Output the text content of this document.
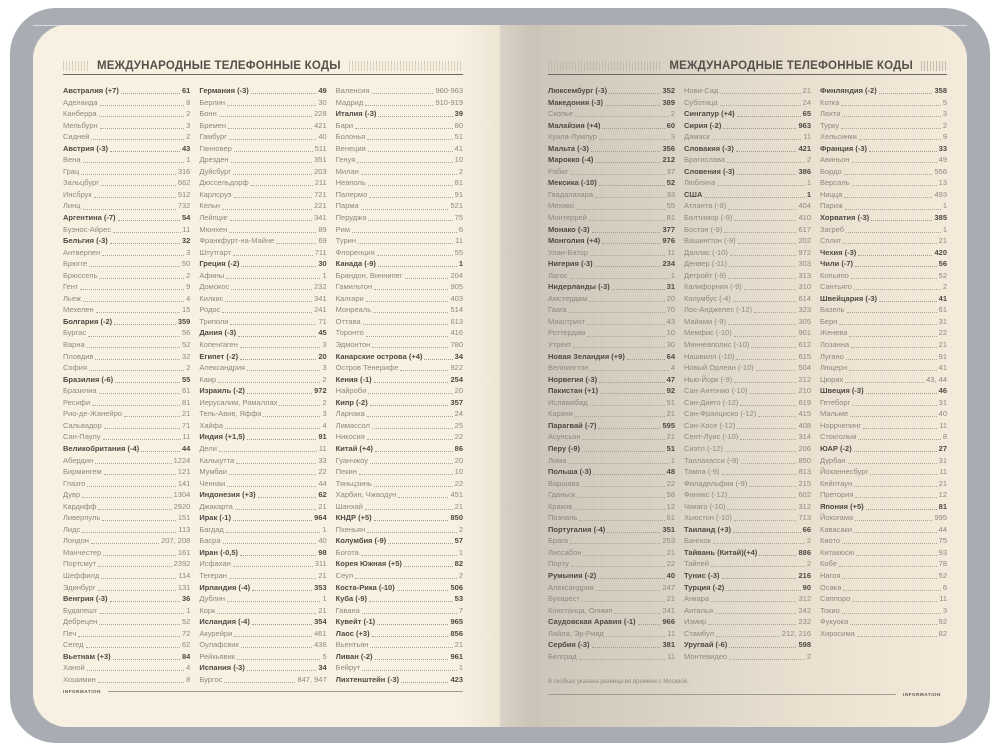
МЕЖДУНАРОДНЫЕ ТЕЛЕФОННЫЕ КОДЫ
Австралия (+7)	61
Аделаида	8
Канберра	2
Мельбурн	3
Сидней	2
Австрия (-3)	43
Вена	1
Грац	316
Зальцбург	662
Инсбрук	512
Линц	732
Аргентина (-7)	54
Буэнос-Айрес	11
Бельгия (-3)	32
Антверпен	3
Брюгге	50
Брюссель	2
Гент	9
Льеж	4
Мехелен	15
Болгария (-2)	359
Бургас	56
Варна	52
Пловдив	32
София	2
Бразилия (-6)	55
Бразилиа	61
Ресифи	81
Рио-де-Жанейро	21
Сальвадор	71
Сан-Паулу	11
Великобритания (-4)	44
Абердин	1224
Бирмингем	121
Глазго	141
Дувр	1304
Кардифф	2920
Ливерпуль	151
Лидс	113
Лондон	207, 208
Манчестер	161
Портсмут	2392
Шеффилд	114
Эдинбург	131
Венгрия (-3)	36
Будапешт	1
Дебрецен	52
Печ	72
Сегед	62
Вьетнам (+3)	84
Ханой	4
Хошимин	8
Германия (-3)	49
Берлин	30
Бонн	228
Бремен	421
Гамбург	40
Ганновер	511
Дрезден	351
Дуйсбург	203
Дюссельдорф	211
Карлсруэ	721
Кельн	221
Лейпциг	341
Мюнхен	89
Франкфурт-на-Майне	69
Штутгарт	711
Греция (-2)	30
Афины	1
Домокос	232
Килкис	341
Родос	241
Триполи	71
Дания (-3)	45
Копенгаген	3
Египет (-2)	20
Александрия	3
Каир	2
Израиль (-2)	972
Иерусалим, Рамаллах	2
Тель-Авив, Яффа	3
Хайфа	4
Индия (+1,5)	91
Дели	11
Калькутта	33
Мумбаи	22
Ченнаи	44
Индонезия (+3)	62
Джакарта	21
Ирак (-1)	964
Багдад	1
Басра	40
Иран (-0,5)	98
Исфахан	311
Тегеран	21
Ирландия (-4)	353
Дублин	1
Корк	21
Исландия (-4)	354
Акурейри	461
Оулафсвик	436
Рейкьявик	5
Испания (-3)	34
Бургос	847, 947
Валенсия	960-963
Мадрид	910-919
Италия (-3)	39
Бари	80
Болонья	51
Венеция	41
Генуя	10
Милан	2
Неаполь	81
Палермо	91
Парма	521
Перуджа	75
Рим	6
Турин	11
Флоренция	55
Канада (-9)	1
Брандон, Виннипег	204
Гамильтон	905
Калгари	403
Монреаль	514
Оттава	613
Торонто	416
Эдмонтон	780
Канарские острова (+4)	34
Остров Тенерифе	922
Кения (-1)	254
Найроби	20
Кипр (-2)	357
Ларнака	24
Лимассол	25
Никосия	22
Китай (+4)	86
Гуанчжоу	20
Пекин	10
Тяньцзинь	22
Харбин, Чжаодун	451
Шанхай	21
КНДР (+5)	850
Пхеньян	2
Колумбия (-9)	57
Богота	1
Корея Южная (+5)	82
Сеул	2
Коста-Рика (-10)	506
Куба (-9)	53
Гавана	7
Кувейт (-1)	965
Лаос (+3)	856
Вьентьян	21
Ливан (-2)	961
Бейрут	1
Лихтенштейн (-3)	423
INFORMATION
МЕЖДУНАРОДНЫЕ ТЕЛЕФОННЫЕ КОДЫ
Люксембург (-3)	352
Македония (-3)	389
Скопье	2
Малайзия (+4)	60
Куала-Лумпур	3
Мальта (-3)	356
Марокко (-4)	212
Рабат	37
Мексика (-10)	52
Гвадалахара	33
Мехико	55
Монтеррей	81
Монако (-3)	377
Монголия (+4)	976
Улан-Батор	11
Нигерия (-3)	234
Лагос	1
Нидерланды (-3)	31
Амстердам	20
Гаага	70
Маастрихт	43
Роттердам	10
Утрехт	30
Новая Зеландия (+9)	64
Веллингтон	4
Норвегия (-3)	47
Пакистан (+1)	92
Исламабад	51
Карачи	21
Парагвай (-7)	595
Асунсьон	21
Перу (-9)	51
Лима	1
Польша (-3)	48
Варшава	22
Гданьск	58
Краков	12
Познань	61
Португалия (-4)	351
Брага	253
Лиссабон	21
Порту	22
Румыния (-2)	40
Александрия	247
Бухарест	21
Констанца, Олимп	241
Саудовская Аравия (-1)	966
Лайла, Эр-Рияд	11
Сербия (-3)	381
Белград	11
Нови-Сад	21
Суботица	24
Сингапур (+4)	65
Сирия (-2)	963
Дамаск	11
Словакия (-3)	421
Братислава	2
Словения (-3)	386
Любляна	1
США	1
Атланта (-9)	404
Балтимор (-9)	410
Бостон (-9)	617
Вашингтон (-9)	202
Даллас (-10)	972
Денвер (-11)	303
Детройт (-9)	313
Калифорния (-9)	310
Колумбус (-4)	614
Лос-Анджелес (-12)	323
Майами (-9)	305
Мемфис (-10)	901
Миннеаполис (-10)	612
Нашвилл (-10)	615
Новый Орлеан (-10)	504
Нью-Йорк (-9)	212
Сан-Антонио (-10)	210
Сан-Диего (-12)	619
Сан-Франциско (-12)	415
Сан-Хосе (-12)	408
Сент-Луис (-10)	314
Сиэтл (-12)	206
Таллахасси (-9)	850
Тампа (-9)	813
Филадельфия (-9)	215
Финикс (-12)	602
Чикаго (-10)	312
Хьюстон (-10)	713
Таиланд (+3)	66
Бангкок	2
Тайвань (Китай)(+4)	886
Тайпей	2
Тунис (-3)	216
Турция (-2)	90
Анкара	312
Анталья	242
Измир	232
Стамбул	212, 216
Уругвай (-6)	598
Монтевидео	2
Финляндия (-2)	358
Котка	5
Лахти	3
Турку	2
Хельсинки	9
Франция (-3)	33
Авиньон	49
Бордо	556
Версаль	13
Ницца	493
Париж	1
Хорватия (-3)	385
Загреб	1
Сплит	21
Чехия (-3)	420
Чили (-7)	56
Копьяпо	52
Сантьяго	2
Швейцария (-3)	41
Базель	61
Берн	31
Женева	22
Лозанна	21
Лугано	91
Люцерн	41
Цюрих	43, 44
Швеция (-3)	46
Гетеборг	31
Мальме	40
Норрчепинг	11
Стокгольм	8
ЮАР (-2)	27
Дурбан	31
Йоханнесбург	11
Кейптаун	21
Претория	12
Япония (+5)	81
Йокогама	995
Кавасаки	44
Киото	75
Китакюсю	93
Кобе	78
Нагоя	52
Осака	6
Саппоро	11
Токио	3
Фукуока	92
Хиросима	82
В скобках указана разница во времени с Москвой.
INFORMATION
